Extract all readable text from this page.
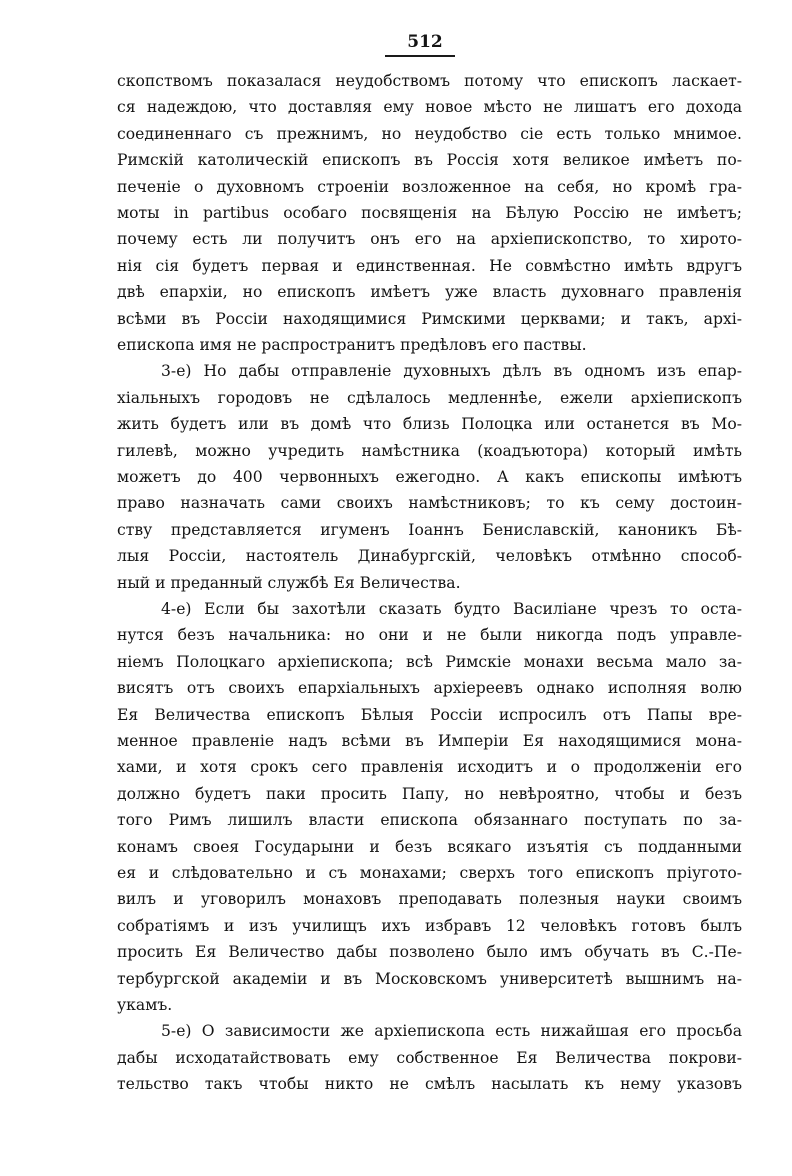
512
скопствомъ показалася неудобствомъ потому что епископъ ласкает-
ся надеждою, что доставляя ему новое мѣсто не лишатъ его дохода
соединеннаго съ прежнимъ, но неудобство сіе есть только мнимое.
Римскій католическій епископъ въ Россія хотя великое имѣетъ по-
печеніе о духовномъ строеніи возложенное на себя, но кромѣ гра-
моты in partibus особаго посвященія на Бѣлую Россію не имѣетъ;
почему есть ли получитъ онъ его на архіепископство, то хирото-
нія сія будетъ первая и единственная. Не совмѣстно имѣть вдругъ
двѣ епархіи, но епископъ имѣетъ уже власть духовнаго правленія
всѣми въ Россіи находящимися Римскими церквами; и такъ, архі-
епископа имя не распространитъ предѣловъ его паствы.
3-е) Но дабы отправленіе духовныхъ дѣлъ въ одномъ изъ епар-
хіальныхъ городовъ не сдѣлалось медленнѣе, ежели архіепископъ
жить будетъ или въ домѣ что близь Полоцка или останется въ Мо-
гилевѣ, можно учредить намѣстника (коадъютора) который имѣть
можетъ до 400 червонныхъ ежегодно. А какъ епископы имѣютъ
право назначать сами своихъ намѣстниковъ; то къ сему достоин-
ству представляется игуменъ Іоаннъ Бениславскій, каноникъ Бѣ-
лыя Россіи, настоятель Динабургскій, человѣкъ отмѣнно способ-
ный и преданный службѣ Ея Величества.
4-е) Если бы захотѣли сказать будто Василіане чрезъ то оста-
нутся безъ начальника: но они и не были никогда подъ управле-
ніемъ Полоцкаго архіепископа; всѣ Римскіе монахи весьма мало за-
висятъ отъ своихъ епархіальныхъ архіереевъ однако исполняя волю
Ея Величества епископъ Бѣлыя Россіи испросилъ отъ Папы вре-
менное правленіе надъ всѣми въ Имперіи Ея находящимися мона-
хами, и хотя срокъ сего правленія исходитъ и о продолженіи его
должно будетъ паки просить Папу, но невѣроятно, чтобы и безъ
того Римъ лишилъ власти епископа обязаннаго поступать по за-
конамъ своея Государыни и безъ всякаго изъятія съ подданными
ея и слѣдовательно и съ монахами; сверхъ того епископъ пріугото-
вилъ и уговорилъ монаховъ преподавать полезныя науки своимъ
собратіямъ и изъ училищъ ихъ избравъ 12 человѣкъ готовъ былъ
просить Ея Величество дабы позволено было имъ обучать въ С.-Пе-
тербургской академіи и въ Московскомъ университетѣ вышнимъ на-
укамъ.
5-е) О зависимости же архіепископа есть нижайшая его просьба
дабы исходатайствовать ему собственное Ея Величества покрови-
тельство такъ чтобы никто не смѣлъ насылать къ нему указовъ
